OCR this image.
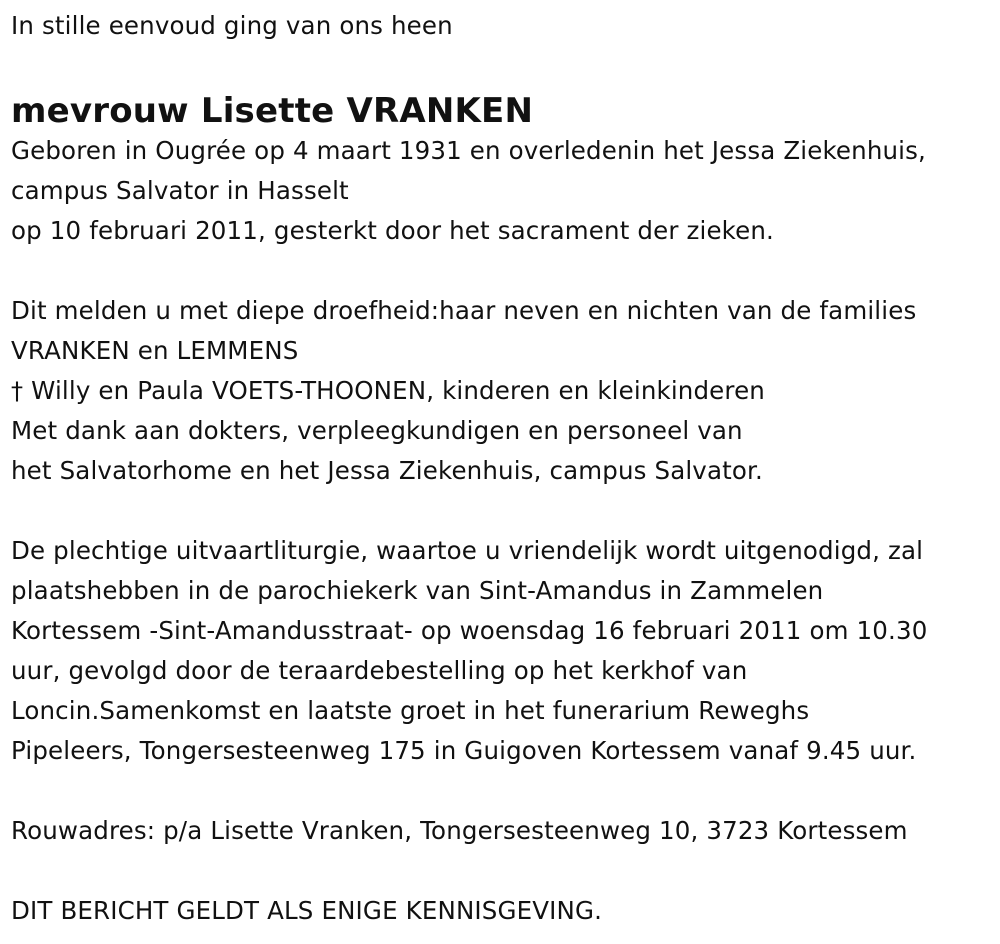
In stille eenvoud ging van ons heen
mevrouw Lisette VRANKEN
Geboren in Ougrée op 4 maart 1931 en overledenin het Jessa Ziekenhuis,
campus Salvator in Hasselt
op 10 februari 2011, gesterkt door het sacrament der zieken.
Dit melden u met diepe droefheid:haar neven en nichten van de families
VRANKEN en LEMMENS
† Willy en Paula VOETS-THOONEN, kinderen en kleinkinderen
Met dank aan dokters, verpleegkundigen en personeel van
het Salvatorhome en het Jessa Ziekenhuis, campus Salvator.
De plechtige uitvaartliturgie, waartoe u vriendelijk wordt uitgenodigd, zal
plaatshebben in de parochiekerk van Sint-Amandus in Zammelen
Kortessem -Sint-Amandusstraat- op woensdag 16 februari 2011 om 10.30
uur, gevolgd door de teraardebestelling op het kerkhof van
Loncin.Samenkomst en laatste groet in het funerarium Reweghs
Pipeleers, Tongersesteenweg 175 in Guigoven Kortessem vanaf 9.45 uur.
Rouwadres: p/a Lisette Vranken, Tongersesteenweg 10, 3723 Kortessem
DIT BERICHT GELDT ALS ENIGE KENNISGEVING.
